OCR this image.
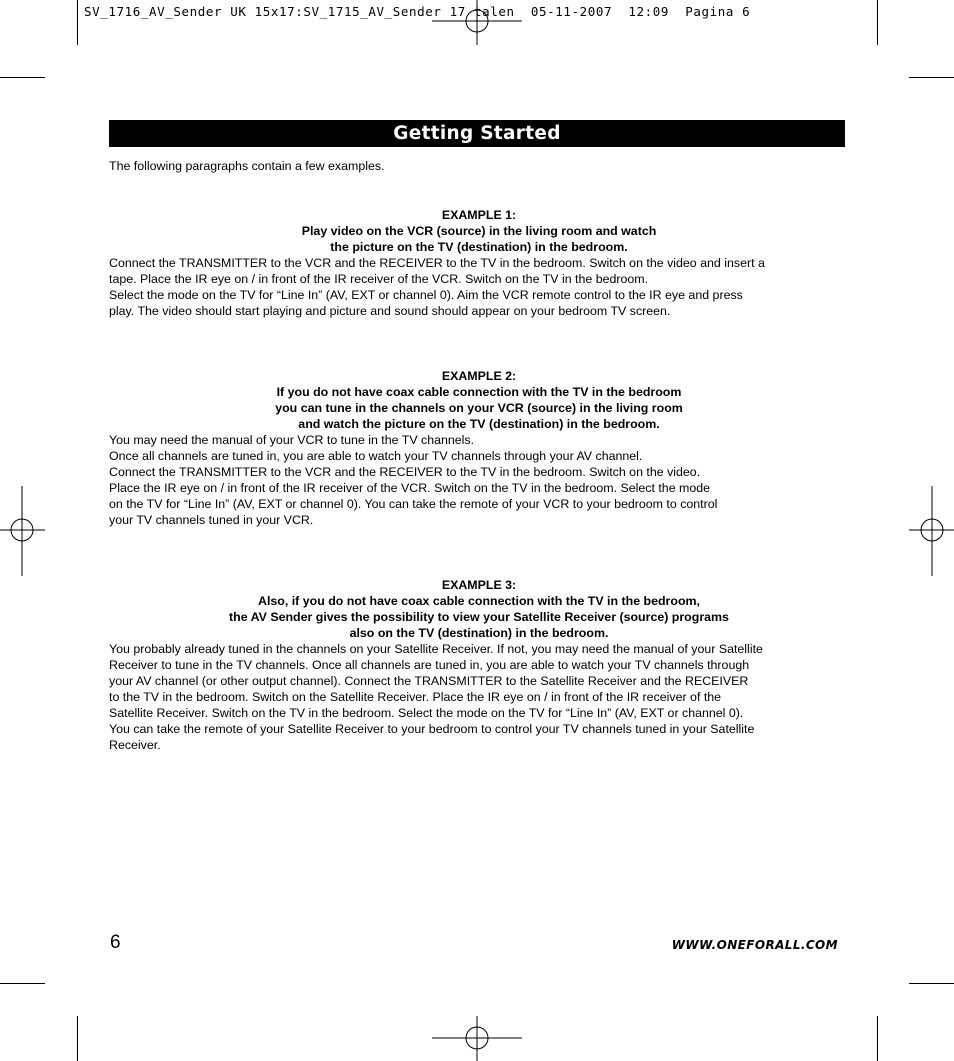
SV_1716_AV_Sender UK 15x17:SV_1715_AV_Sender 17 talen  05-11-2007  12:09  Pagina 6
Getting Started

The following paragraphs contain a few examples.

EXAMPLE 1:
Play video on the VCR (source) in the living room and watch
the picture on the TV (destination) in the bedroom.
Connect the TRANSMITTER to the VCR and the RECEIVER to the TV in the bedroom. Switch on the video and insert a
tape. Place the IR eye on / in front of the IR receiver of the VCR. Switch on the TV in the bedroom.
Select the mode on the TV for “Line In” (AV, EXT or channel 0). Aim the VCR remote control to the IR eye and press
play. The video should start playing and picture and sound should appear on your bedroom TV screen.
EXAMPLE 2:
If you do not have coax cable connection with the TV in the bedroom
you can tune in the channels on your VCR (source) in the living room
and watch the picture on the TV (destination) in the bedroom.
You may need the manual of your VCR to tune in the TV channels.
Once all channels are tuned in, you are able to watch your TV channels through your AV channel.
Connect the TRANSMITTER to the VCR and the RECEIVER to the TV in the bedroom. Switch on the video.
Place the IR eye on / in front of the IR receiver of the VCR. Switch on the TV in the bedroom. Select the mode
on the TV for “Line In” (AV, EXT or channel 0). You can take the remote of your VCR to your bedroom to control
your TV channels tuned in your VCR.
EXAMPLE 3:
Also, if you do not have coax cable connection with the TV in the bedroom,
the AV Sender gives the possibility to view your Satellite Receiver (source) programs
also on the TV (destination) in the bedroom.
You probably already tuned in the channels on your Satellite Receiver. If not, you may need the manual of your Satellite
Receiver to tune in the TV channels. Once all channels are tuned in, you are able to watch your TV channels through
your AV channel (or other output channel). Connect the TRANSMITTER to the Satellite Receiver and the RECEIVER
to the TV in the bedroom. Switch on the Satellite Receiver. Place the IR eye on / in front of the IR receiver of the
Satellite Receiver. Switch on the TV in the bedroom. Select the mode on the TV for “Line In” (AV, EXT or channel 0).
You can take the remote of your Satellite Receiver to your bedroom to control your TV channels tuned in your Satellite
Receiver.
6	WWW.ONEFORALL.COM
